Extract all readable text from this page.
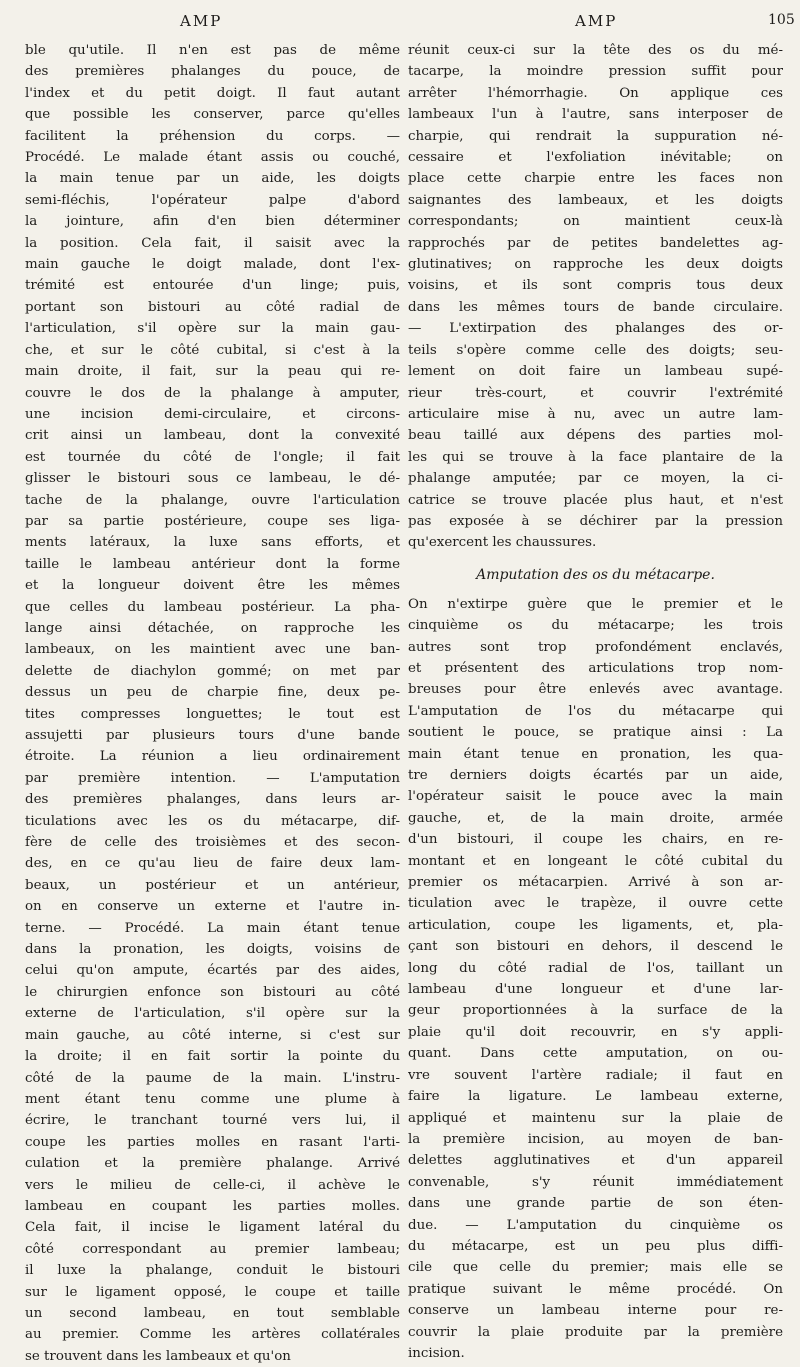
AMP	AMP	105
ble qu'utile. Il n'en est pas de même
des premières phalanges du pouce, de
l'index et du petit doigt. Il faut autant
que possible les conserver, parce qu'elles
facilitent la préhension du corps. —
Procédé. Le malade étant assis ou couché,
la main tenue par un aide, les doigts
semi-fléchis, l'opérateur palpe d'abord
la jointure, afin d'en bien déterminer
la position. Cela fait, il saisit avec la
main gauche le doigt malade, dont l'ex-
trémité est entourée d'un linge; puis,
portant son bistouri au côté radial de
l'articulation, s'il opère sur la main gau-
che, et sur le côté cubital, si c'est à la
main droite, il fait, sur la peau qui re-
couvre le dos de la phalange à amputer,
une incision demi-circulaire, et circons-
crit ainsi un lambeau, dont la convexité
est tournée du côté de l'ongle; il fait
glisser le bistouri sous ce lambeau, le dé-
tache de la phalange, ouvre l'articulation
par sa partie postérieure, coupe ses liga-
ments latéraux, la luxe sans efforts, et
taille le lambeau antérieur dont la forme
et la longueur doivent être les mêmes
que celles du lambeau postérieur. La pha-
lange ainsi détachée, on rapproche les
lambeaux, on les maintient avec une ban-
delette de diachylon gommé; on met par
dessus un peu de charpie fine, deux pe-
tites compresses longuettes; le tout est
assujetti par plusieurs tours d'une bande
étroite. La réunion a lieu ordinairement
par première intention. — L'amputation
des premières phalanges, dans leurs ar-
ticulations avec les os du métacarpe, dif-
fère de celle des troisièmes et des secon-
des, en ce qu'au lieu de faire deux lam-
beaux, un postérieur et un antérieur,
on en conserve un externe et l'autre in-
terne. — Procédé. La main étant tenue
dans la pronation, les doigts, voisins de
celui qu'on ampute, écartés par des aides,
le chirurgien enfonce son bistouri au côté
externe de l'articulation, s'il opère sur la
main gauche, au côté interne, si c'est sur
la droite; il en fait sortir la pointe du
côté de la paume de la main. L'instru-
ment étant tenu comme une plume à
écrire, le tranchant tourné vers lui, il
coupe les parties molles en rasant l'arti-
culation et la première phalange. Arrivé
vers le milieu de celle-ci, il achève le
lambeau en coupant les parties molles.
Cela fait, il incise le ligament latéral du
côté correspondant au premier lambeau;
il luxe la phalange, conduit le bistouri
sur le ligament opposé, le coupe et taille
un second lambeau, en tout semblable
au premier. Comme les artères collatérales
se trouvent dans les lambeaux et qu'on
réunit ceux-ci sur la tête des os du mé-
tacarpe, la moindre pression suffit pour
arrêter l'hémorrhagie. On applique ces
lambeaux l'un à l'autre, sans interposer de
charpie, qui rendrait la suppuration né-
cessaire et l'exfoliation inévitable; on
place cette charpie entre les faces non
saignantes des lambeaux, et les doigts
correspondants; on maintient ceux-là
rapprochés par de petites bandelettes ag-
glutinatives; on rapproche les deux doigts
voisins, et ils sont compris tous deux
dans les mêmes tours de bande circulaire.
— L'extirpation des phalanges des or-
teils s'opère comme celle des doigts; seu-
lement on doit faire un lambeau supé-
rieur très-court, et couvrir l'extrémité
articulaire mise à nu, avec un autre lam-
beau taillé aux dépens des parties mol-
les qui se trouve à la face plantaire de la
phalange amputée; par ce moyen, la ci-
catrice se trouve placée plus haut, et n'est
pas exposée à se déchirer par la pression
qu'exercent les chaussures.
Amputation des os du métacarpe.
On n'extirpe guère que le premier et le
cinquième os du métacarpe; les trois
autres sont trop profondément enclavés,
et présentent des articulations trop nom-
breuses pour être enlevés avec avantage.
L'amputation de l'os du métacarpe qui
soutient le pouce, se pratique ainsi : La
main étant tenue en pronation, les qua-
tre derniers doigts écartés par un aide,
l'opérateur saisit le pouce avec la main
gauche, et, de la main droite, armée
d'un bistouri, il coupe les chairs, en re-
montant et en longeant le côté cubital du
premier os métacarpien. Arrivé à son ar-
ticulation avec le trapèze, il ouvre cette
articulation, coupe les ligaments, et, pla-
çant son bistouri en dehors, il descend le
long du côté radial de l'os, taillant un
lambeau d'une longueur et d'une lar-
geur proportionnées à la surface de la
plaie qu'il doit recouvrir, en s'y appli-
quant. Dans cette amputation, on ou-
vre souvent l'artère radiale; il faut en
faire la ligature. Le lambeau externe,
appliqué et maintenu sur la plaie de
la première incision, au moyen de ban-
delettes agglutinatives et d'un appareil
convenable, s'y réunit immédiatement
dans une grande partie de son éten-
due. — L'amputation du cinquième os
du métacarpe, est un peu plus diffi-
cile que celle du premier; mais elle se
pratique suivant le même procédé. On
conserve un lambeau interne pour re-
couvrir la plaie produite par la première
incision.
